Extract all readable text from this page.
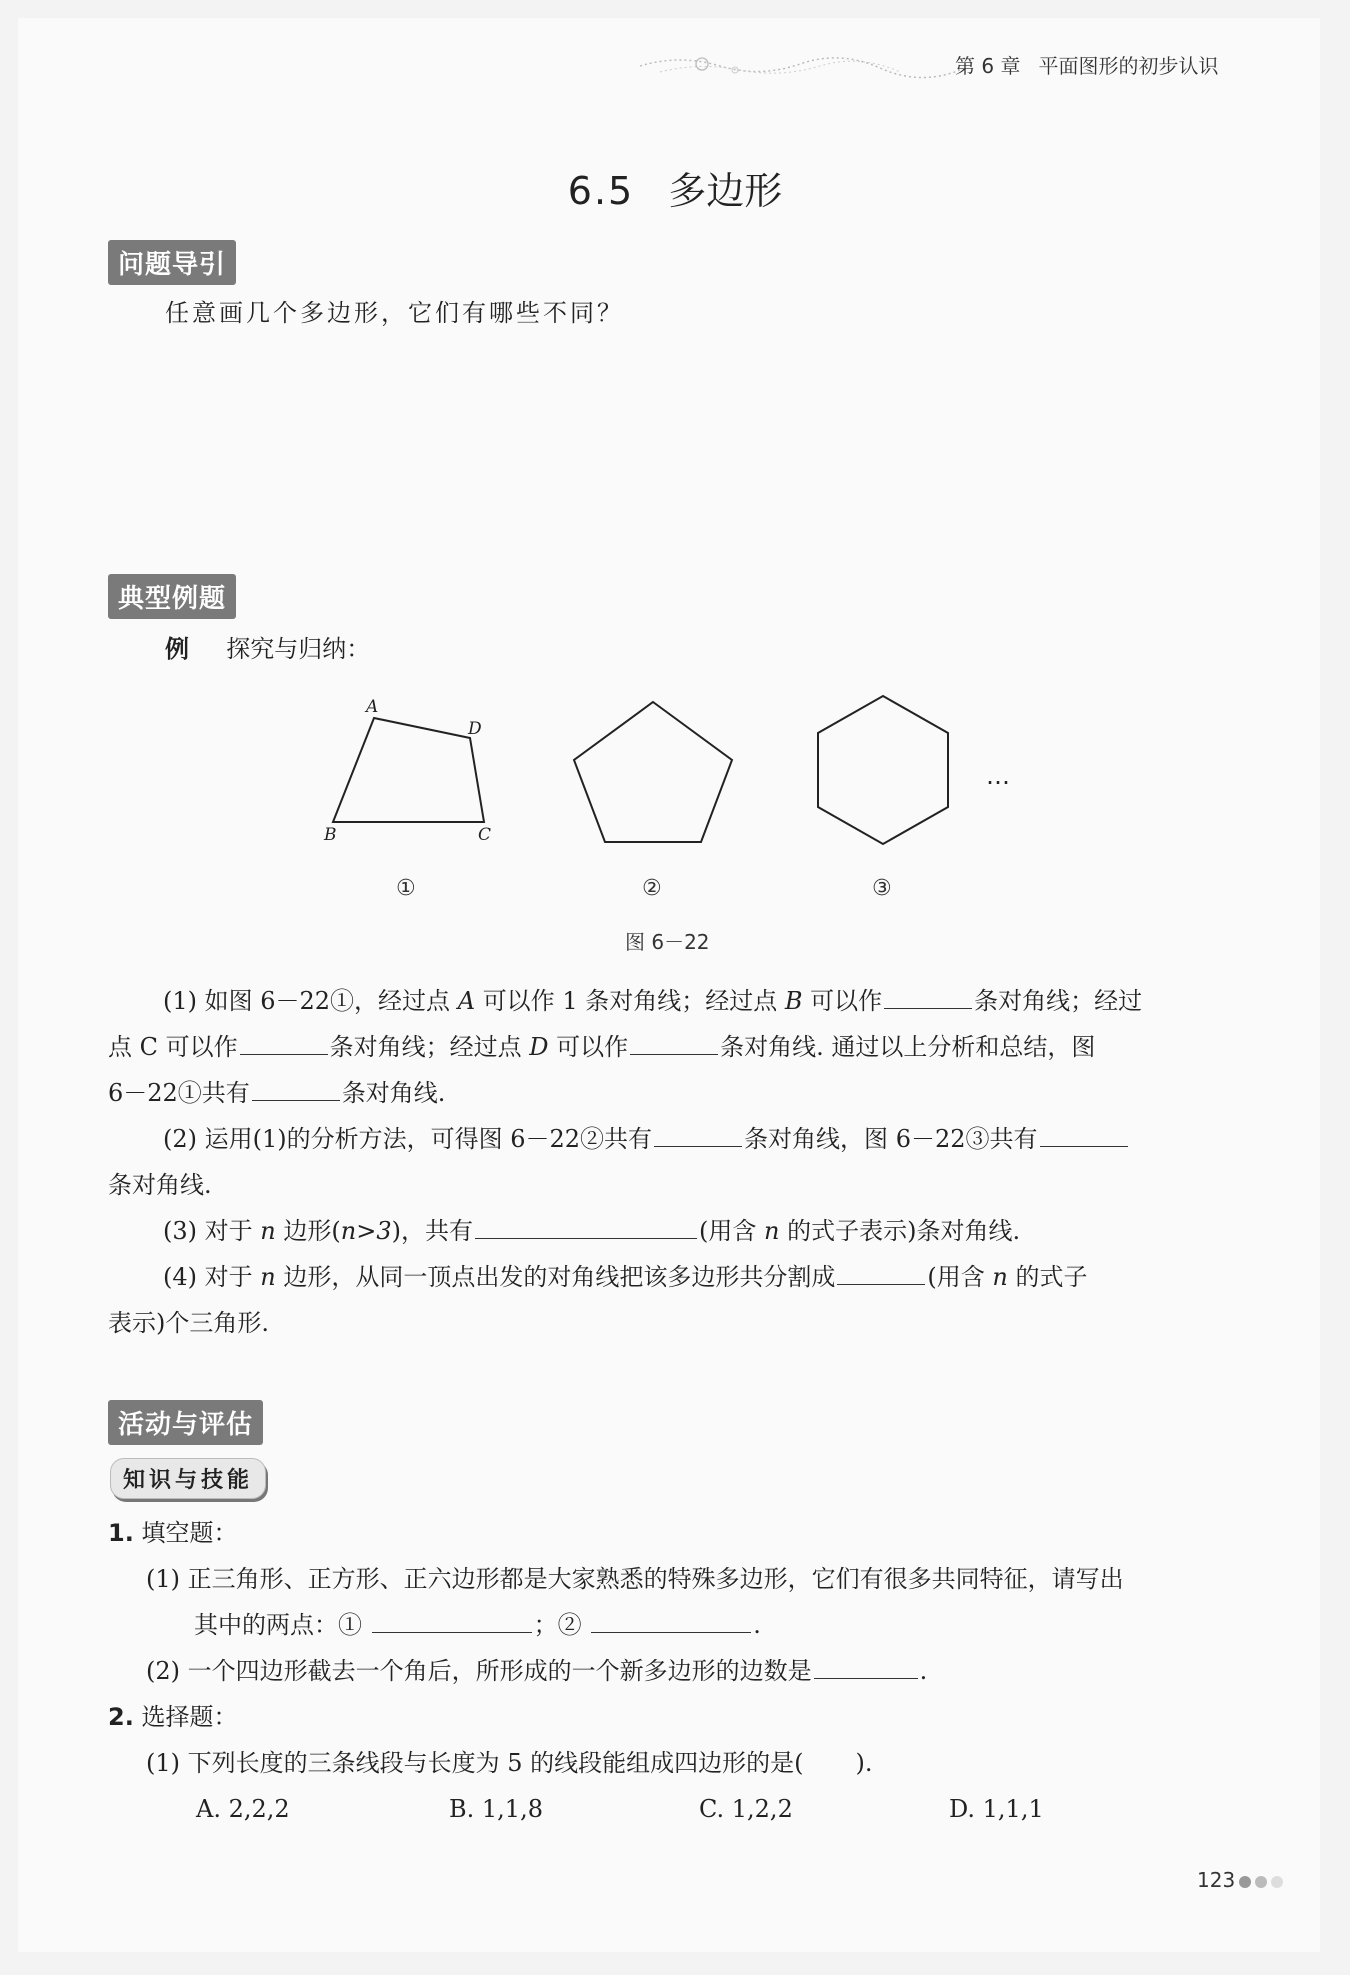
第 6 章 平面图形的初步认识
6.5 多边形
问题导引
任意画几个多边形，它们有哪些不同？
典型例题
例 探究与归纳：
A
D
B	C
…
①	②	③
图 6－22
(1) 如图 6－22①，经过点 A 可以作 1 条对角线；经过点 B 可以作	条对角线；经过
点 C 可以作	条对角线；经过点 D 可以作	条对角线. 通过以上分析和总结，图
6－22①共有	条对角线.
(2) 运用(1)的分析方法，可得图 6－22②共有	条对角线，图 6－22③共有
条对角线.
(3) 对于 n 边形(n>3)，共有	(用含 n 的式子表示)条对角线.
(4) 对于 n 边形，从同一顶点出发的对角线把该多边形共分割成	(用含 n 的式子
表示)个三角形.
活动与评估
知识与技能
1. 填空题：
(1) 正三角形、正方形、正六边形都是大家熟悉的特殊多边形，它们有很多共同特征，请写出
其中的两点：①	；②	.
(2) 一个四边形截去一个角后，所形成的一个新多边形的边数是	.
2. 选择题：
(1) 下列长度的三条线段与长度为 5 的线段能组成四边形的是( ).
A. 2,2,2	B. 1,1,8	C. 1,2,2	D. 1,1,1
123
